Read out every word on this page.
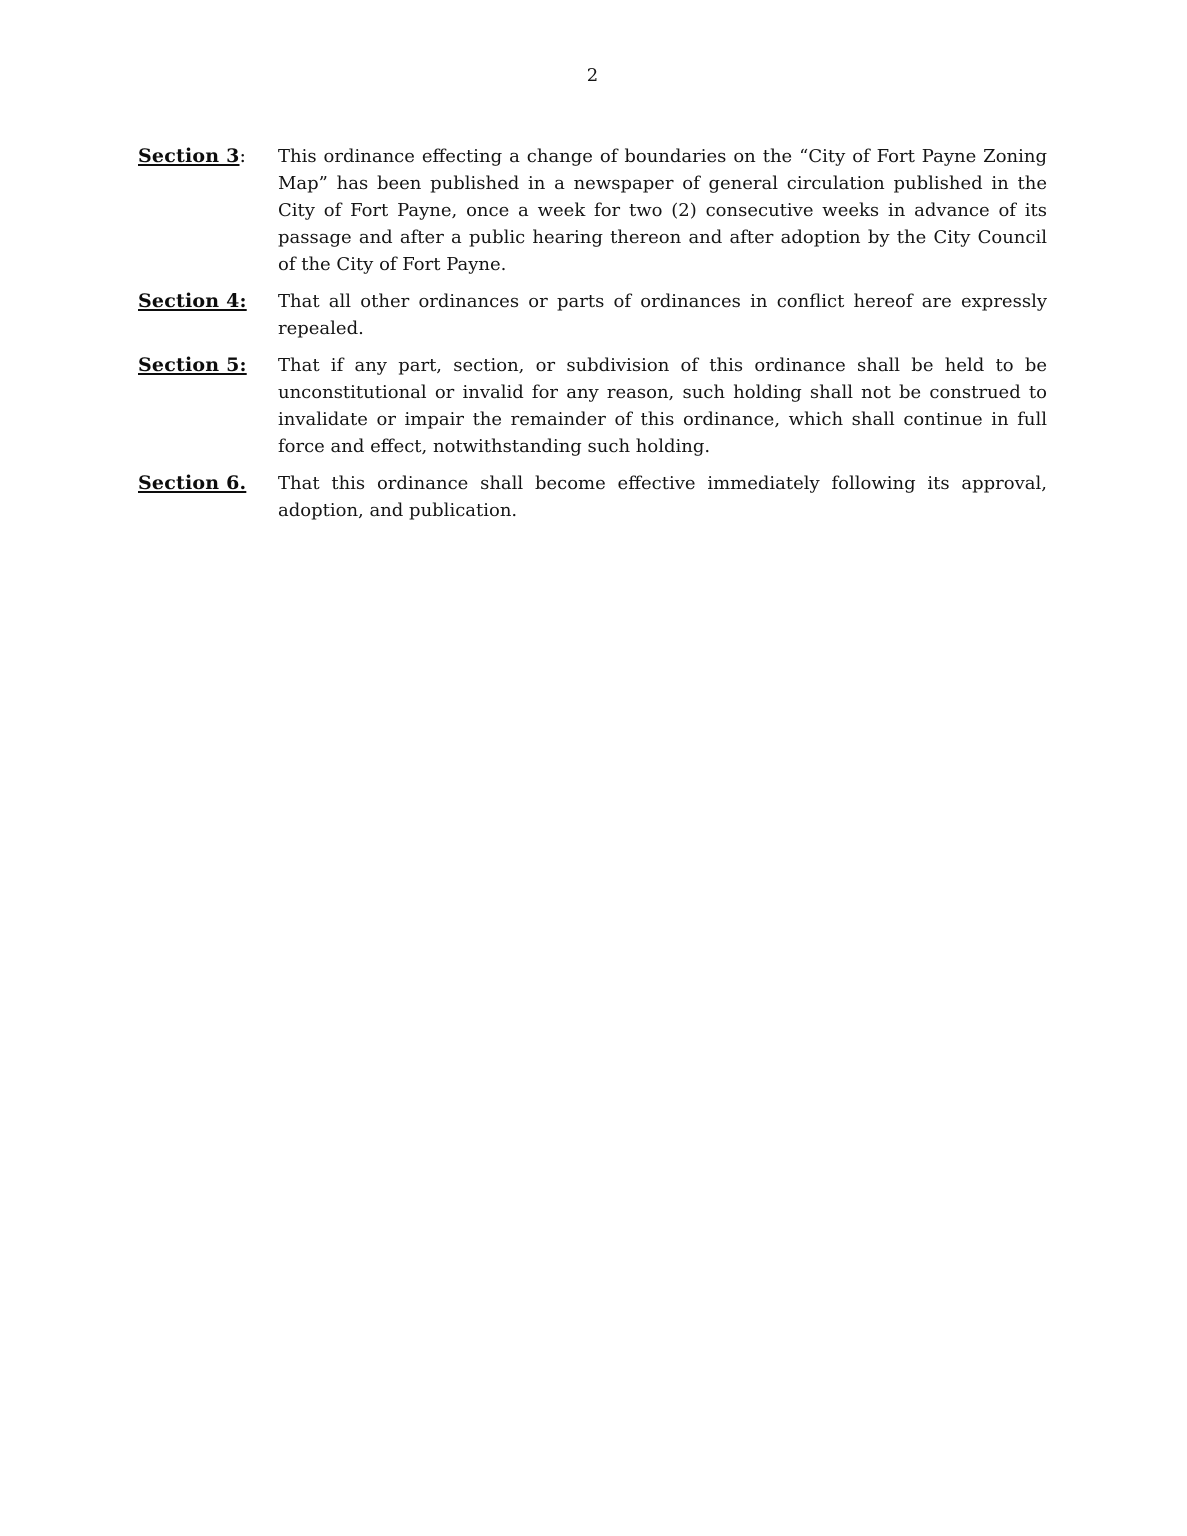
2
Section 3:	This ordinance effecting a change of boundaries on the “City of Fort Payne Zoning Map” has been published in a newspaper of general circulation published in the City of Fort Payne, once a week for two (2) consecutive weeks in advance of its passage and after a public hearing thereon and after adoption by the City Council of the City of Fort Payne.

Section 4:	That all other ordinances or parts of ordinances in conflict hereof are expressly repealed.

Section 5:	That if any part, section, or subdivision of this ordinance shall be held to be unconstitutional or invalid for any reason, such holding shall not be construed to invalidate or impair the remainder of this ordinance, which shall continue in full force and effect, notwithstanding such holding.

Section 6.	That this ordinance shall become effective immediately following its approval, adoption, and publication.
